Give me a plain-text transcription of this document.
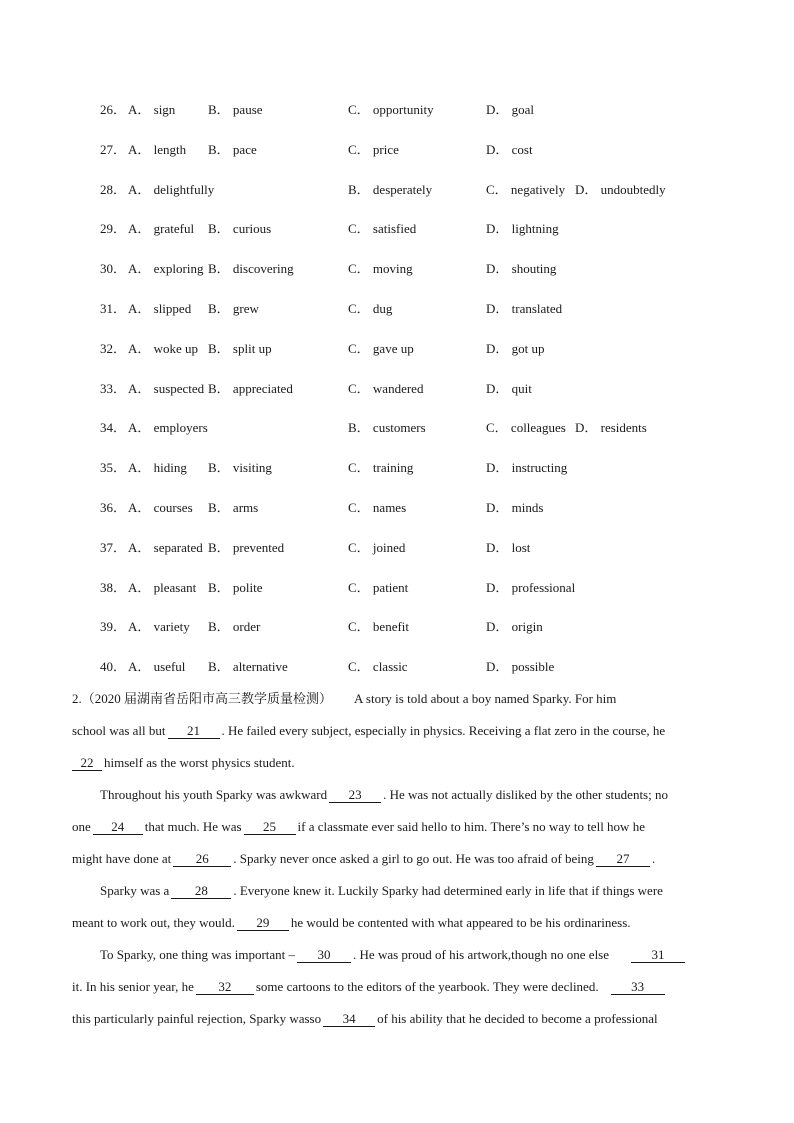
26． A． sign	B． pause	C． opportunity	D． goal
27． A． length B． pace	C． price	D． cost
28． A． delightfully	B． desperately	C． negatively D． undoubtedly
29． A． grateful B． curious	C． satisfied	D． lightning
30． A． exploring B． discovering	C． moving	D． shouting
31． A． slipped B． grew	C． dug	D． translated
32． A． woke up B． split up	C． gave up	D． got up
33． A． suspected B． appreciated	C． wandered	D． quit
34． A． employers	B． customers	C． colleagues D． residents
35． A． hiding B． visiting	C． training	D． instructing
36． A． courses B． arms	C． names	D． minds
37． A． separated B． prevented	C． joined	D． lost
38． A． pleasant B． polite	C． patient	D． professional
39． A． variety B． order	C． benefit	D． origin
40． A． useful B． alternative	C． classic	D． possible
2.（2020 届湖南省岳阳市高三教学质量检测） A story is told about a boy named Sparky. For him
school was all but 21 . He failed every subject, especially in physics. Receiving a flat zero in the course, he
22 himself as the worst physics student.
Throughout his youth Sparky was awkward 23 . He was not actually disliked by the other students; no
one 24 that much. He was 25 if a classmate ever said hello to him. There’s no way to tell how he
might have done at 26 . Sparky never once asked a girl to go out. He was too afraid of being 27 .
Sparky was a 28 . Everyone knew it. Luckily Sparky had determined early in life that if things were
meant to work out, they would. 29 he would be contented with what appeared to be his ordinariness.
To Sparky, one thing was important – 30 . He was proud of his artwork,though no one else	31
it. In his senior year, he 32 some cartoons to the editors of the yearbook. They were declined.	33
this particularly painful rejection, Sparky wasso 34 of his ability that he decided to become a professional
